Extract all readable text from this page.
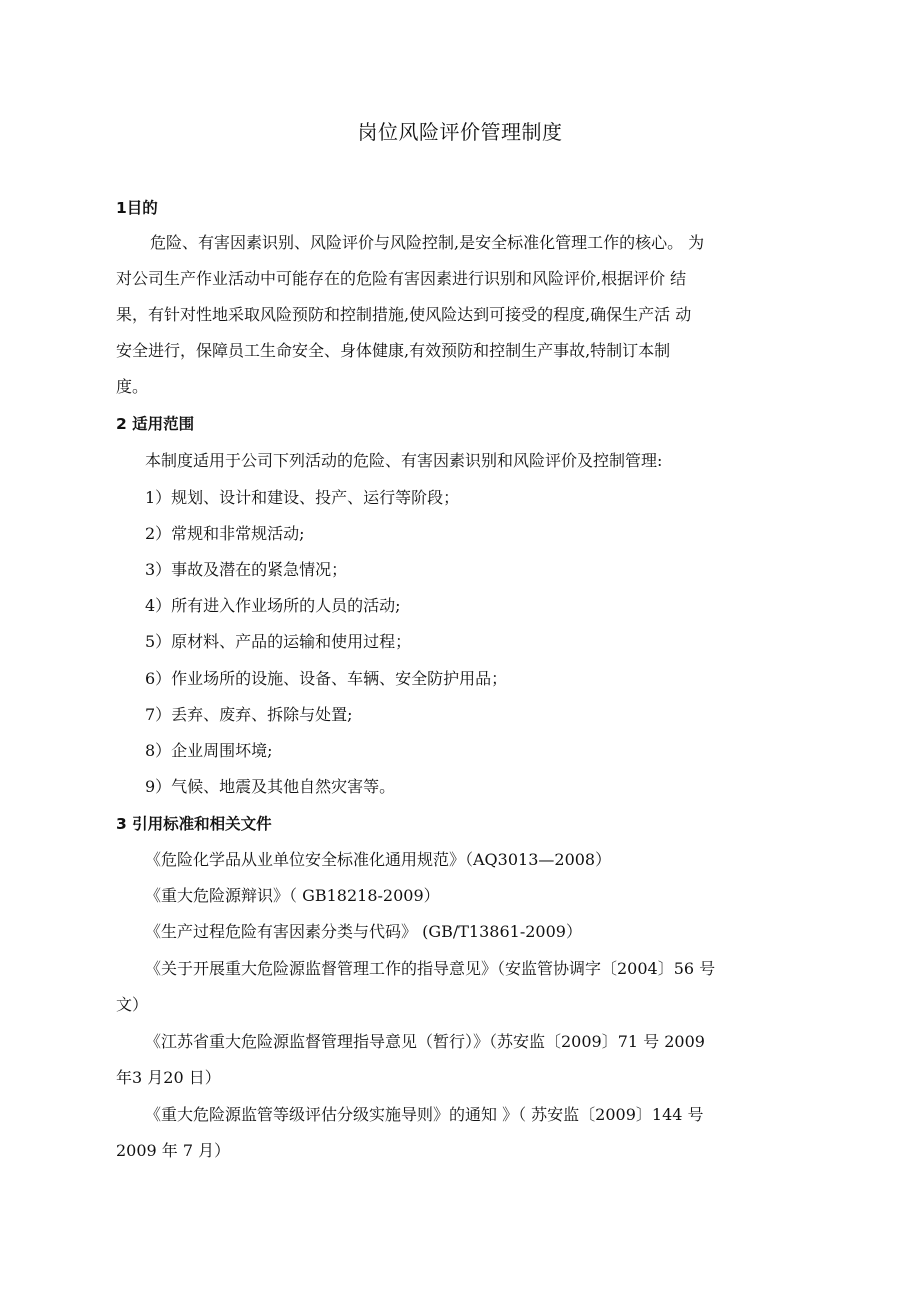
岗位风险评价管理制度
1目的
危险、有害因素识别、风险评价与风险控制,是安全标准化管理工作的核心。 为
对公司生产作业活动中可能存在的危险有害因素进行识别和风险评价,根据评价 结
果，有针对性地采取风险预防和控制措施,使风险达到可接受的程度,确保生产活 动
安全进行，保障员工生命安全、身体健康,有效预防和控制生产事故,特制订本制
度。
2 适用范围
本制度适用于公司下列活动的危险、有害因素识别和风险评价及控制管理:
1）规划、设计和建设、投产、运行等阶段；
2）常规和非常规活动;
3）事故及潜在的紧急情况；
4）所有进入作业场所的人员的活动;
5）原材料、产品的运输和使用过程；
6）作业场所的设施、设备、车辆、安全防护用品；
7）丢弃、废弃、拆除与处置;
8）企业周围坏境;
9）气候、地震及其他自然灾害等。
3 引用标准和相关文件
《危险化学品从业单位安全标准化通用规范》（AQ3013—2008）
《重大危险源辩识》（ GB18218-2009）
《生产过程危险有害因素分类与代码》 (GB/T13861-2009）
《关于开展重大危险源监督管理工作的指导意见》（安监管协调字〔2004〕56 号
文）
《江苏省重大危险源监督管理指导意见（暂行）》（苏安监〔2009〕71 号 2009
年3 月20 日）
《重大危险源监管等级评估分级实施导则》的通知 》（ 苏安监〔2009〕144 号
2009 年 7 月）
